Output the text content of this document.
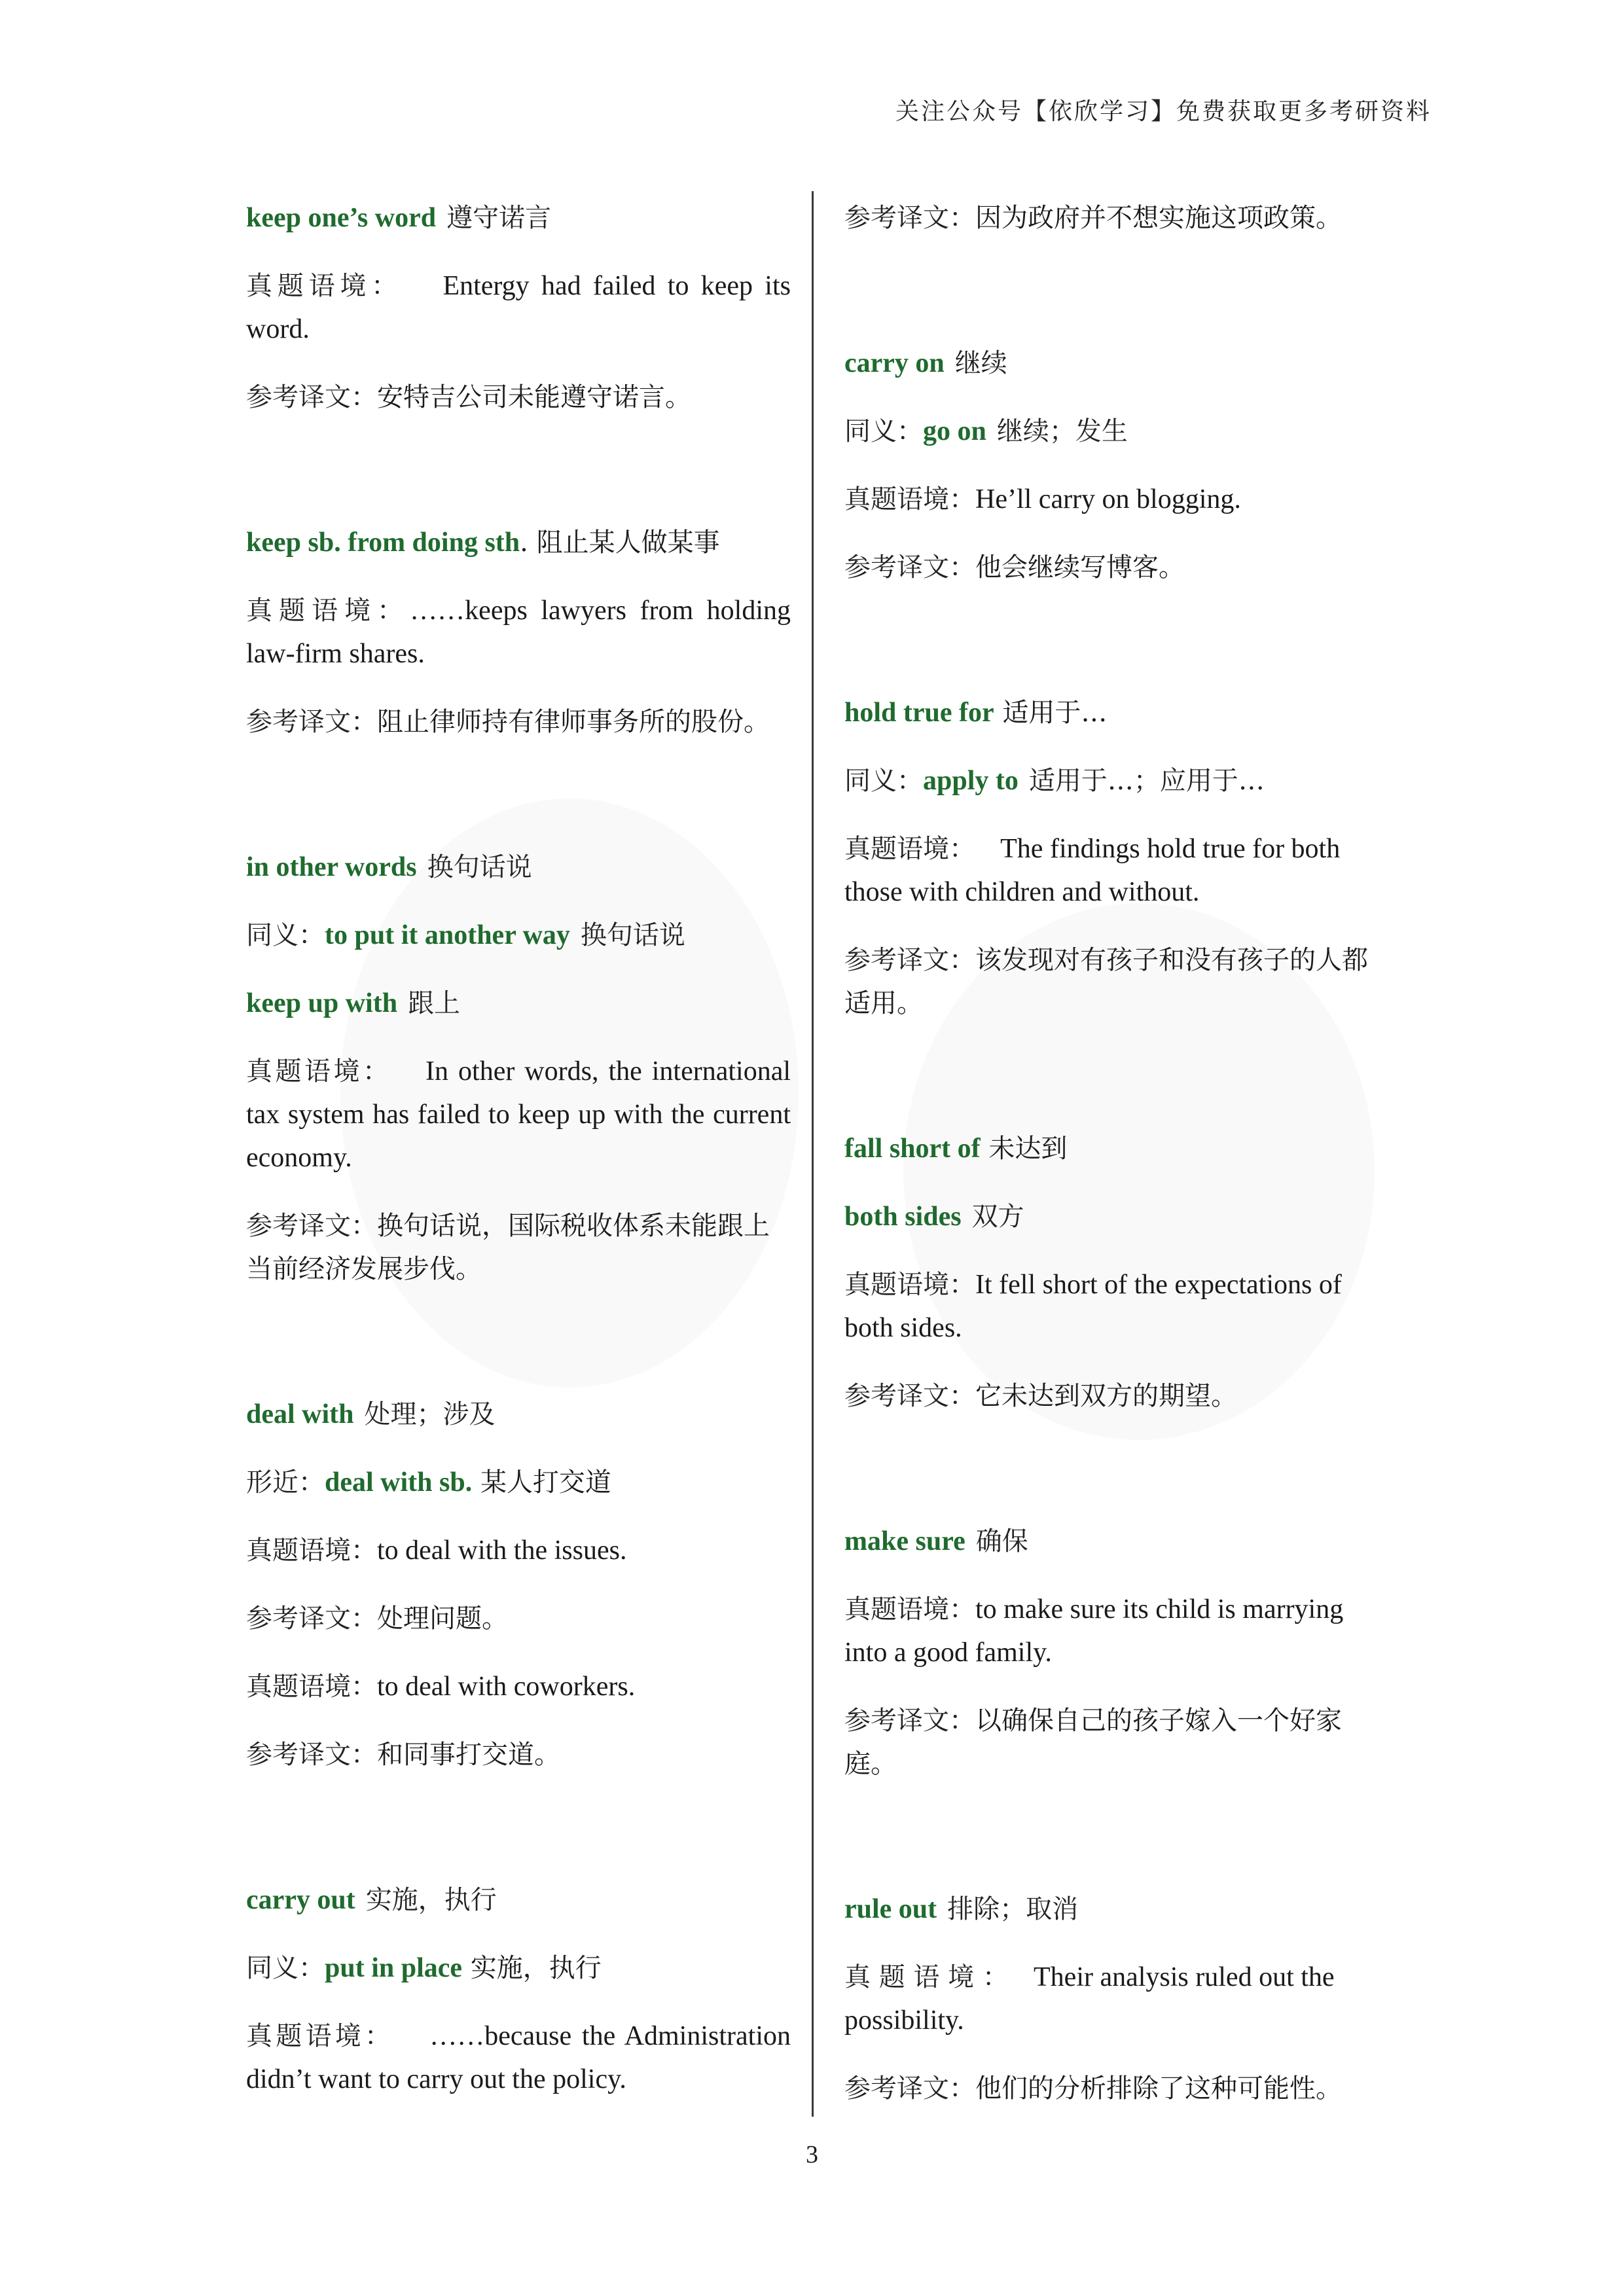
关注公众号【依欣学习】免费获取更多考研资料

keep one’s word 遵守诺言

真题语境： Entergy had failed to keep its word.

参考译文：安特吉公司未能遵守诺言。

keep sb. from doing sth. 阻止某人做某事

真题语境：……keeps lawyers from holding law-firm shares.

参考译文：阻止律师持有律师事务所的股份。

in other words 换句话说

同义：to put it another way 换句话说

keep up with 跟上

真题语境： In other words, the international tax system has failed to keep up with the current economy.

参考译文：换句话说，国际税收体系未能跟上当前经济发展步伐。

deal with 处理；涉及

形近：deal with sb. 某人打交道

真题语境：to deal with the issues.

参考译文：处理问题。

真题语境：to deal with coworkers.

参考译文：和同事打交道。

carry out 实施，执行

同义：put in place 实施，执行

真题语境： ……because the Administration didn’t want to carry out the policy.

参考译文：因为政府并不想实施这项政策。

carry on 继续

同义：go on 继续；发生

真题语境：He’ll carry on blogging.

参考译文：他会继续写博客。

hold true for 适用于…

同义：apply to 适用于…；应用于…

真题语境： The findings hold true for both those with children and without.

参考译文：该发现对有孩子和没有孩子的人都适用。

fall short of 未达到

both sides 双方

真题语境：It fell short of the expectations of both sides.

参考译文：它未达到双方的期望。

make sure 确保

真题语境：to make sure its child is marrying into a good family.

参考译文：以确保自己的孩子嫁入一个好家庭。

rule out 排除；取消

真 题 语 境 ： Their analysis ruled out the possibility.

参考译文：他们的分析排除了这种可能性。

3
